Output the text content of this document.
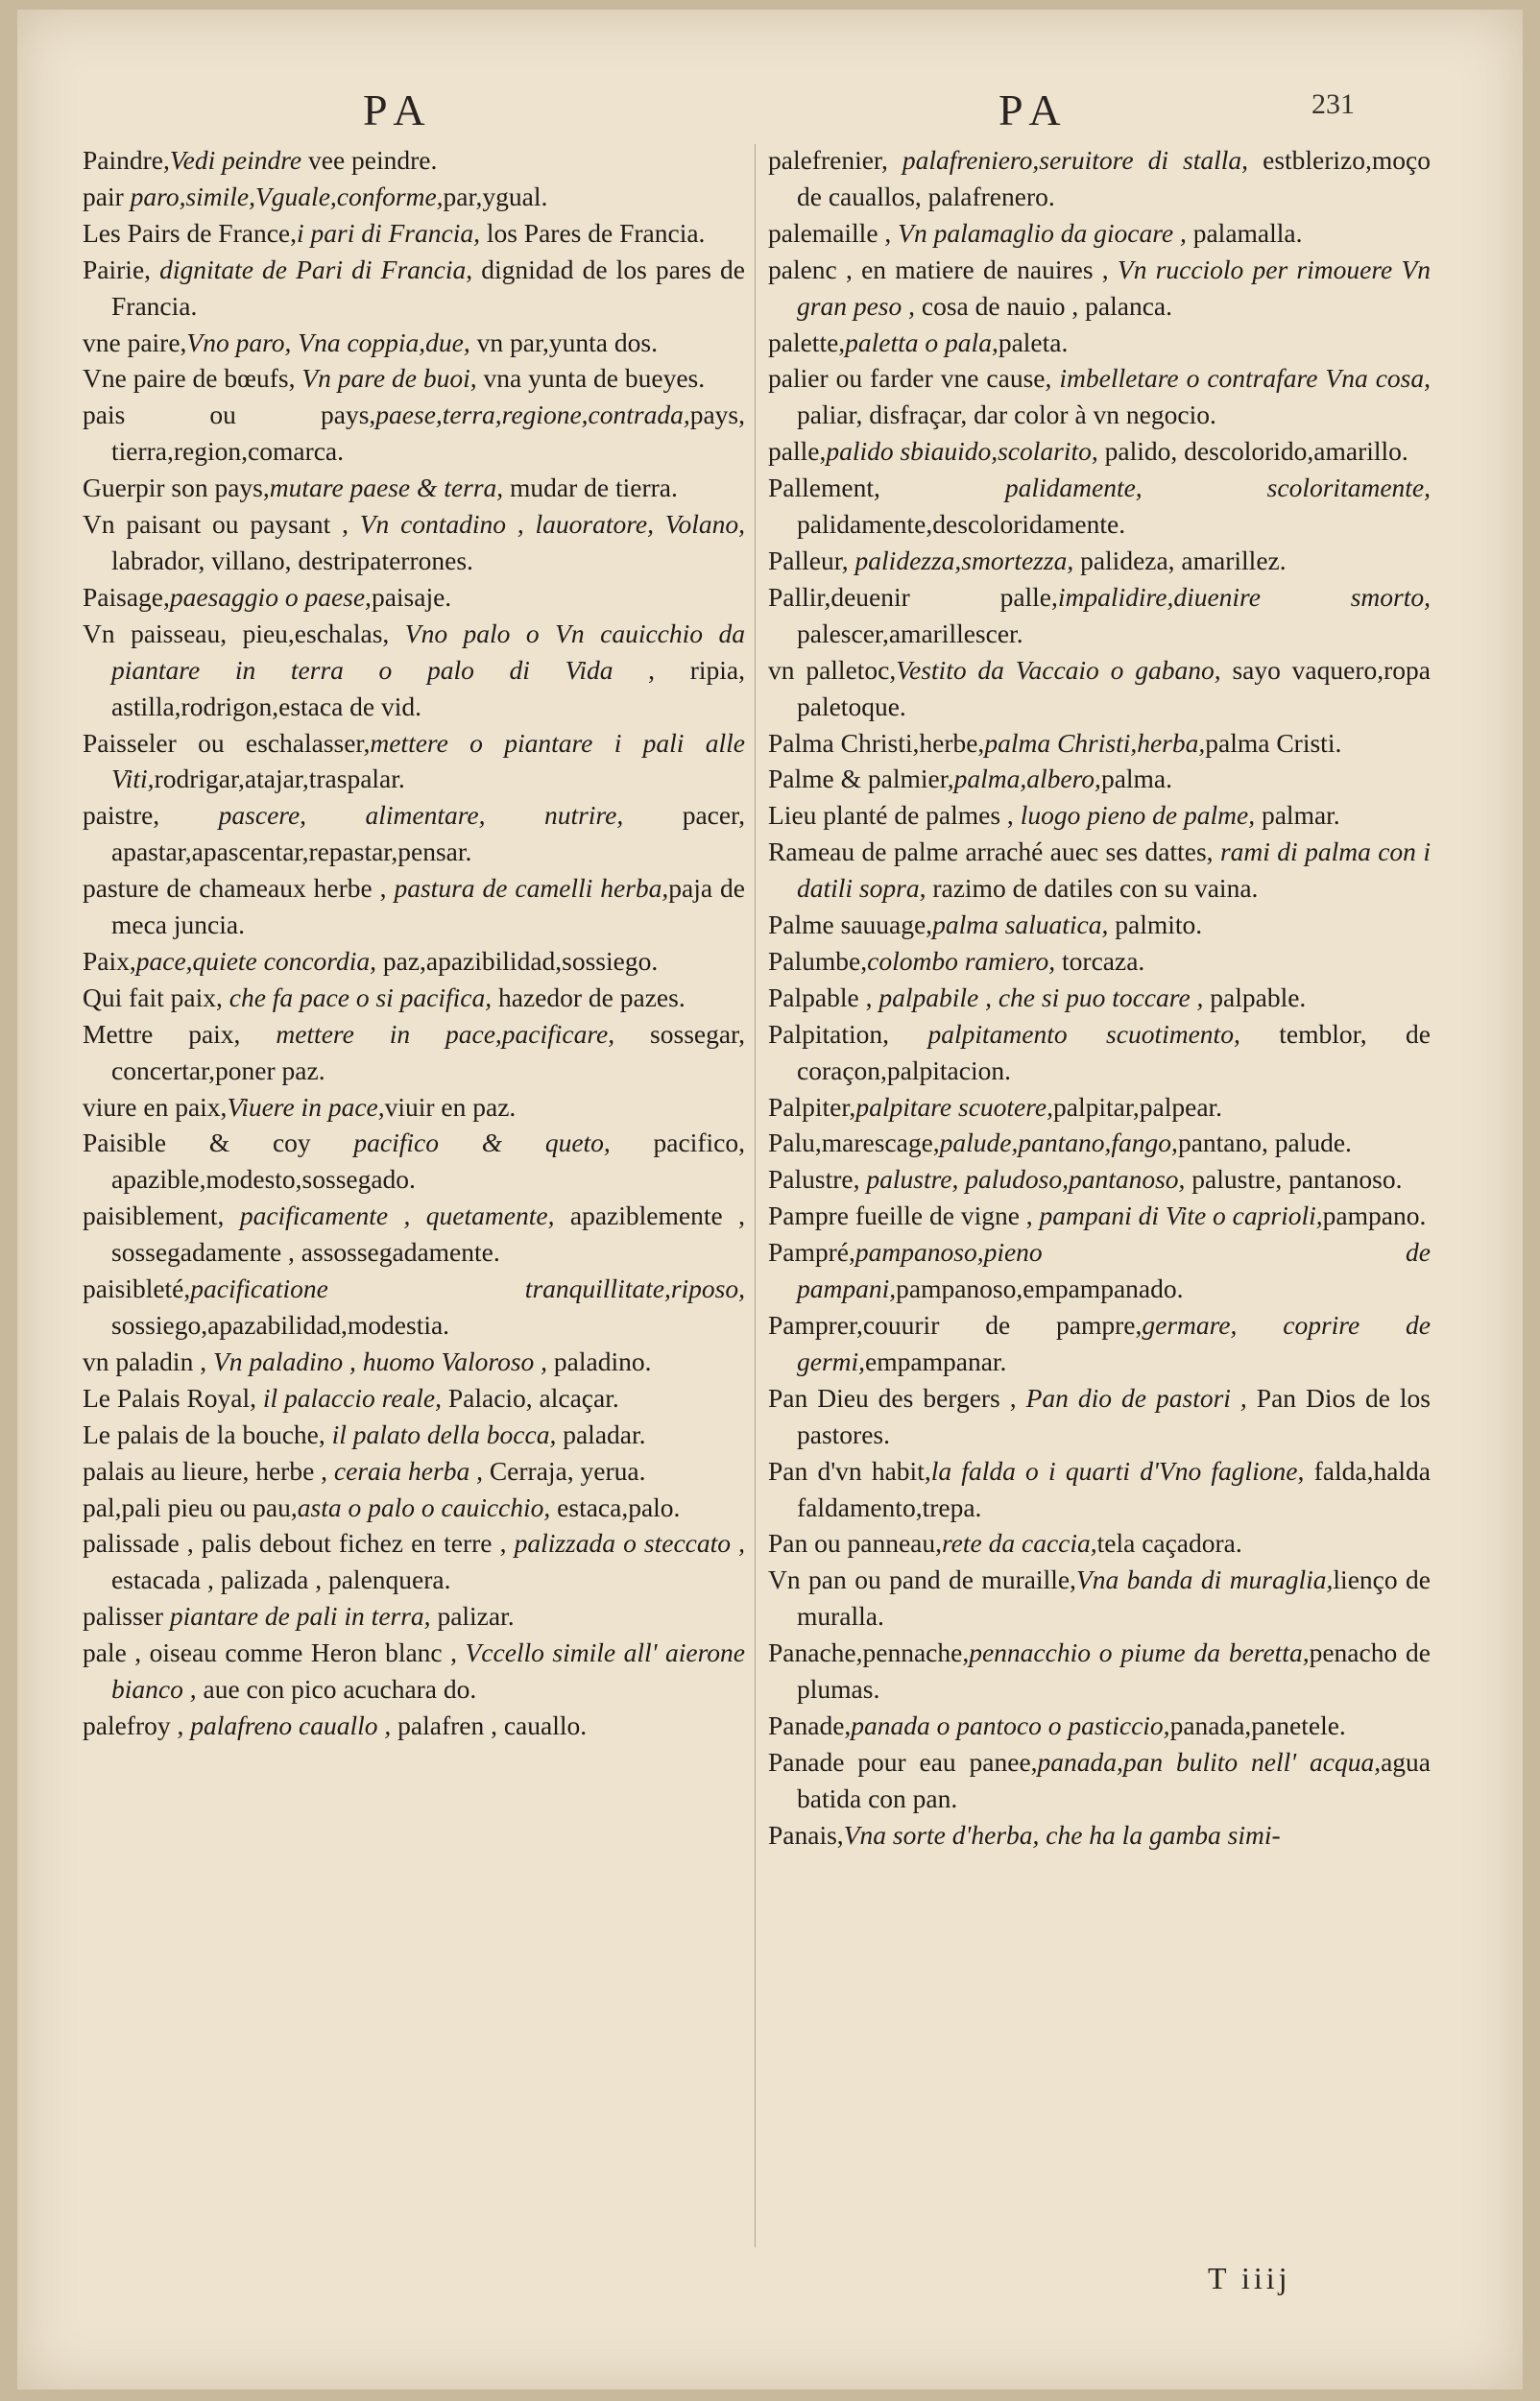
PA	PA	231

Paindre,Vedi peindre vee peindre.

pair paro,simile,Vguale,conforme,par,ygual.

Les Pairs de France,i pari di Francia, los Pares de Francia.

Pairie, dignitate de Pari di Francia, dignidad de los pares de Francia.

vne paire,Vno paro, Vna coppia,due, vn par,yunta dos.

Vne paire de bœufs, Vn pare de buoi, vna yunta de bueyes.

pais ou pays,paese,terra,regione,contrada,pays, tierra,region,comarca.

Guerpir son pays,mutare paese & terra, mudar de tierra.

Vn paisant ou paysant , Vn contadino , lauoratore, Volano, labrador, villano, destripaterrones.

Paisage,paesaggio o paese,paisaje.

Vn paisseau, pieu,eschalas, Vno palo o Vn cauicchio da piantare in terra o palo di Vida , ripia, astilla,rodrigon,estaca de vid.

Paisseler ou eschalasser,mettere o piantare i pali alle Viti,rodrigar,atajar,traspalar.

paistre, pascere, alimentare, nutrire, pacer, apastar,apascentar,repastar,pensar.

pasture de chameaux herbe , pastura de camelli herba,paja de meca juncia.

Paix,pace,quiete concordia, paz,apazibilidad,sossiego.

Qui fait paix, che fa pace o si pacifica, hazedor de pazes.

Mettre paix, mettere in pace,pacificare, sossegar, concertar,poner paz.

viure en paix,Viuere in pace,viuir en paz.

Paisible & coy pacifico & queto, pacifico, apazible,modesto,sossegado.

paisiblement, pacificamente , quetamente, apaziblemente , sossegadamente , assossegadamente.

paisibleté,pacificatione tranquillitate,riposo, sossiego,apazabilidad,modestia.

vn paladin , Vn paladino , huomo Valoroso , paladino.

Le Palais Royal, il palaccio reale, Palacio, alcaçar.

Le palais de la bouche, il palato della bocca, paladar.

palais au lieure, herbe , ceraia herba , Cerraja, yerua.

pal,pali pieu ou pau,asta o palo o cauicchio, estaca,palo.

palissade , palis debout fichez en terre , palizzada o steccato , estacada , palizada , palenquera.

palisser piantare de pali in terra, palizar.

pale , oiseau comme Heron blanc , Vccello simile all' aierone bianco , aue con pico acuchara do.

palefroy , palafreno cauallo , palafren , cauallo.

palefrenier, palafreniero,seruitore di stalla, estblerizo,moço de cauallos, palafrenero.

palemaille , Vn palamaglio da giocare , palamalla.

palenc , en matiere de nauires , Vn rucciolo per rimouere Vn gran peso , cosa de nauio , palanca.

palette,paletta o pala,paleta.

palier ou farder vne cause, imbelletare o contrafare Vna cosa, paliar, disfraçar, dar color à vn negocio.

palle,palido sbiauido,scolarito, palido, descolorido,amarillo.

Pallement, palidamente, scoloritamente, palidamente,descoloridamente.

Palleur, palidezza,smortezza, palideza, amarillez.

Pallir,deuenir palle,impalidire,diuenire smorto, palescer,amarillescer.

vn palletoc,Vestito da Vaccaio o gabano, sayo vaquero,ropa paletoque.

Palma Christi,herbe,palma Christi,herba,palma Cristi.

Palme & palmier,palma,albero,palma.

Lieu planté de palmes , luogo pieno de palme, palmar.

Rameau de palme arraché auec ses dattes, rami di palma con i datili sopra, razimo de datiles con su vaina.

Palme sauuage,palma saluatica, palmito.

Palumbe,colombo ramiero, torcaza.

Palpable , palpabile , che si puo toccare , palpable.

Palpitation, palpitamento scuotimento, temblor, de coraçon,palpitacion.

Palpiter,palpitare scuotere,palpitar,palpear.

Palu,marescage,palude,pantano,fango,pantano, palude.

Palustre, palustre, paludoso,pantanoso, palustre, pantanoso.

Pampre fueille de vigne , pampani di Vite o caprioli,pampano.

Pampré,pampanoso,pieno de pampani,pampanoso,empampanado.

Pamprer,couurir de pampre,germare, coprire de germi,empampanar.

Pan Dieu des bergers , Pan dio de pastori , Pan Dios de los pastores.

Pan d'vn habit,la falda o i quarti d'Vno faglione, falda,halda faldamento,trepa.

Pan ou panneau,rete da caccia,tela caçadora.

Vn pan ou pand de muraille,Vna banda di muraglia,lienço de muralla.

Panache,pennache,pennacchio o piume da beretta,penacho de plumas.

Panade,panada o pantoco o pasticcio,panada,panetele.

Panade pour eau panee,panada,pan bulito nell' acqua,agua batida con pan.

Panais,Vna sorte d'herba, che ha la gamba simi-

T iiij
